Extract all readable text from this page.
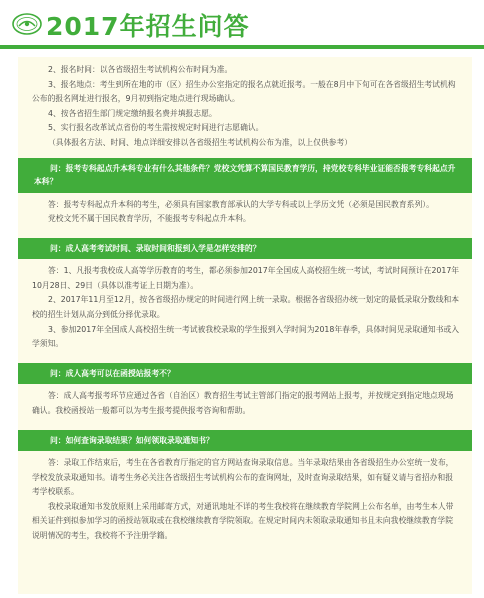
2017年招生问答

2、报名时间：以各省级招生考试机构公布时间为准。

3、报名地点：考生到所在地的市（区）招生办公室指定的报名点就近报考。一般在8月中下旬可在各省级招生考试机构公布的报名网址进行报名，9月初到指定地点进行现场确认。

4、按各省招生部门规定缴纳报名费并填报志愿。

5、实行报名改革试点省份的考生需按规定时间进行志愿确认。

（具体报名方法、时间、地点详细安排以各省级招生考试机构公布为准，以上仅供参考）

问：报考专科起点升本科专业有什么其他条件？党校文凭算不算国民教育学历，持党校专科毕业证能否报考专科起点升本科？

答：报考专科起点升本科的考生，必须具有国家教育部承认的大学专科或以上学历文凭（必须是国民教育系列）。

党校文凭不属于国民教育学历，不能报考专科起点升本科。

问：成人高考考试时间、录取时间和报到入学是怎样安排的？

答：1、凡报考我校成人高等学历教育的考生，都必须参加2017年全国成人高校招生统一考试，考试时间预计在2017年10月28日、29日（具体以准考证上日期为准）。

2、2017年11月至12月，按各省级招办规定的时间进行网上统一录取。根据各省级招办统一划定的最低录取分数线和本校的招生计划从高分到低分择优录取。

3、参加2017年全国成人高校招生统一考试被我校录取的学生报到入学时间为2018年春季，具体时间见录取通知书或入学须知。

问：成人高考可以在函授站报考不？

答：成人高考报考环节应通过各省（自治区）教育招生考试主管部门指定的报考网站上报考，并按规定到指定地点现场确认。我校函授站一般都可以为考生报考提供报考咨询和帮助。

问：如何查询录取结果？如何领取录取通知书？

答：录取工作结束后，考生在各省教育厅指定的官方网站查询录取信息。当年录取结果由各省级招生办公室统一发布，学校发放录取通知书。请考生务必关注各省级招生考试机构公布的查询网址，及时查询录取结果，如有疑义请与省招办和报考学校联系。

我校录取通知书发放原则上采用邮寄方式，对通讯地址不详的考生我校将在继续教育学院网上公布名单，由考生本人带相关证件到拟参加学习的函授站领取或在我校继续教育学院领取。在规定时间内未领取录取通知书且未向我校继续教育学院说明情况的考生，我校将不予注册学籍。
